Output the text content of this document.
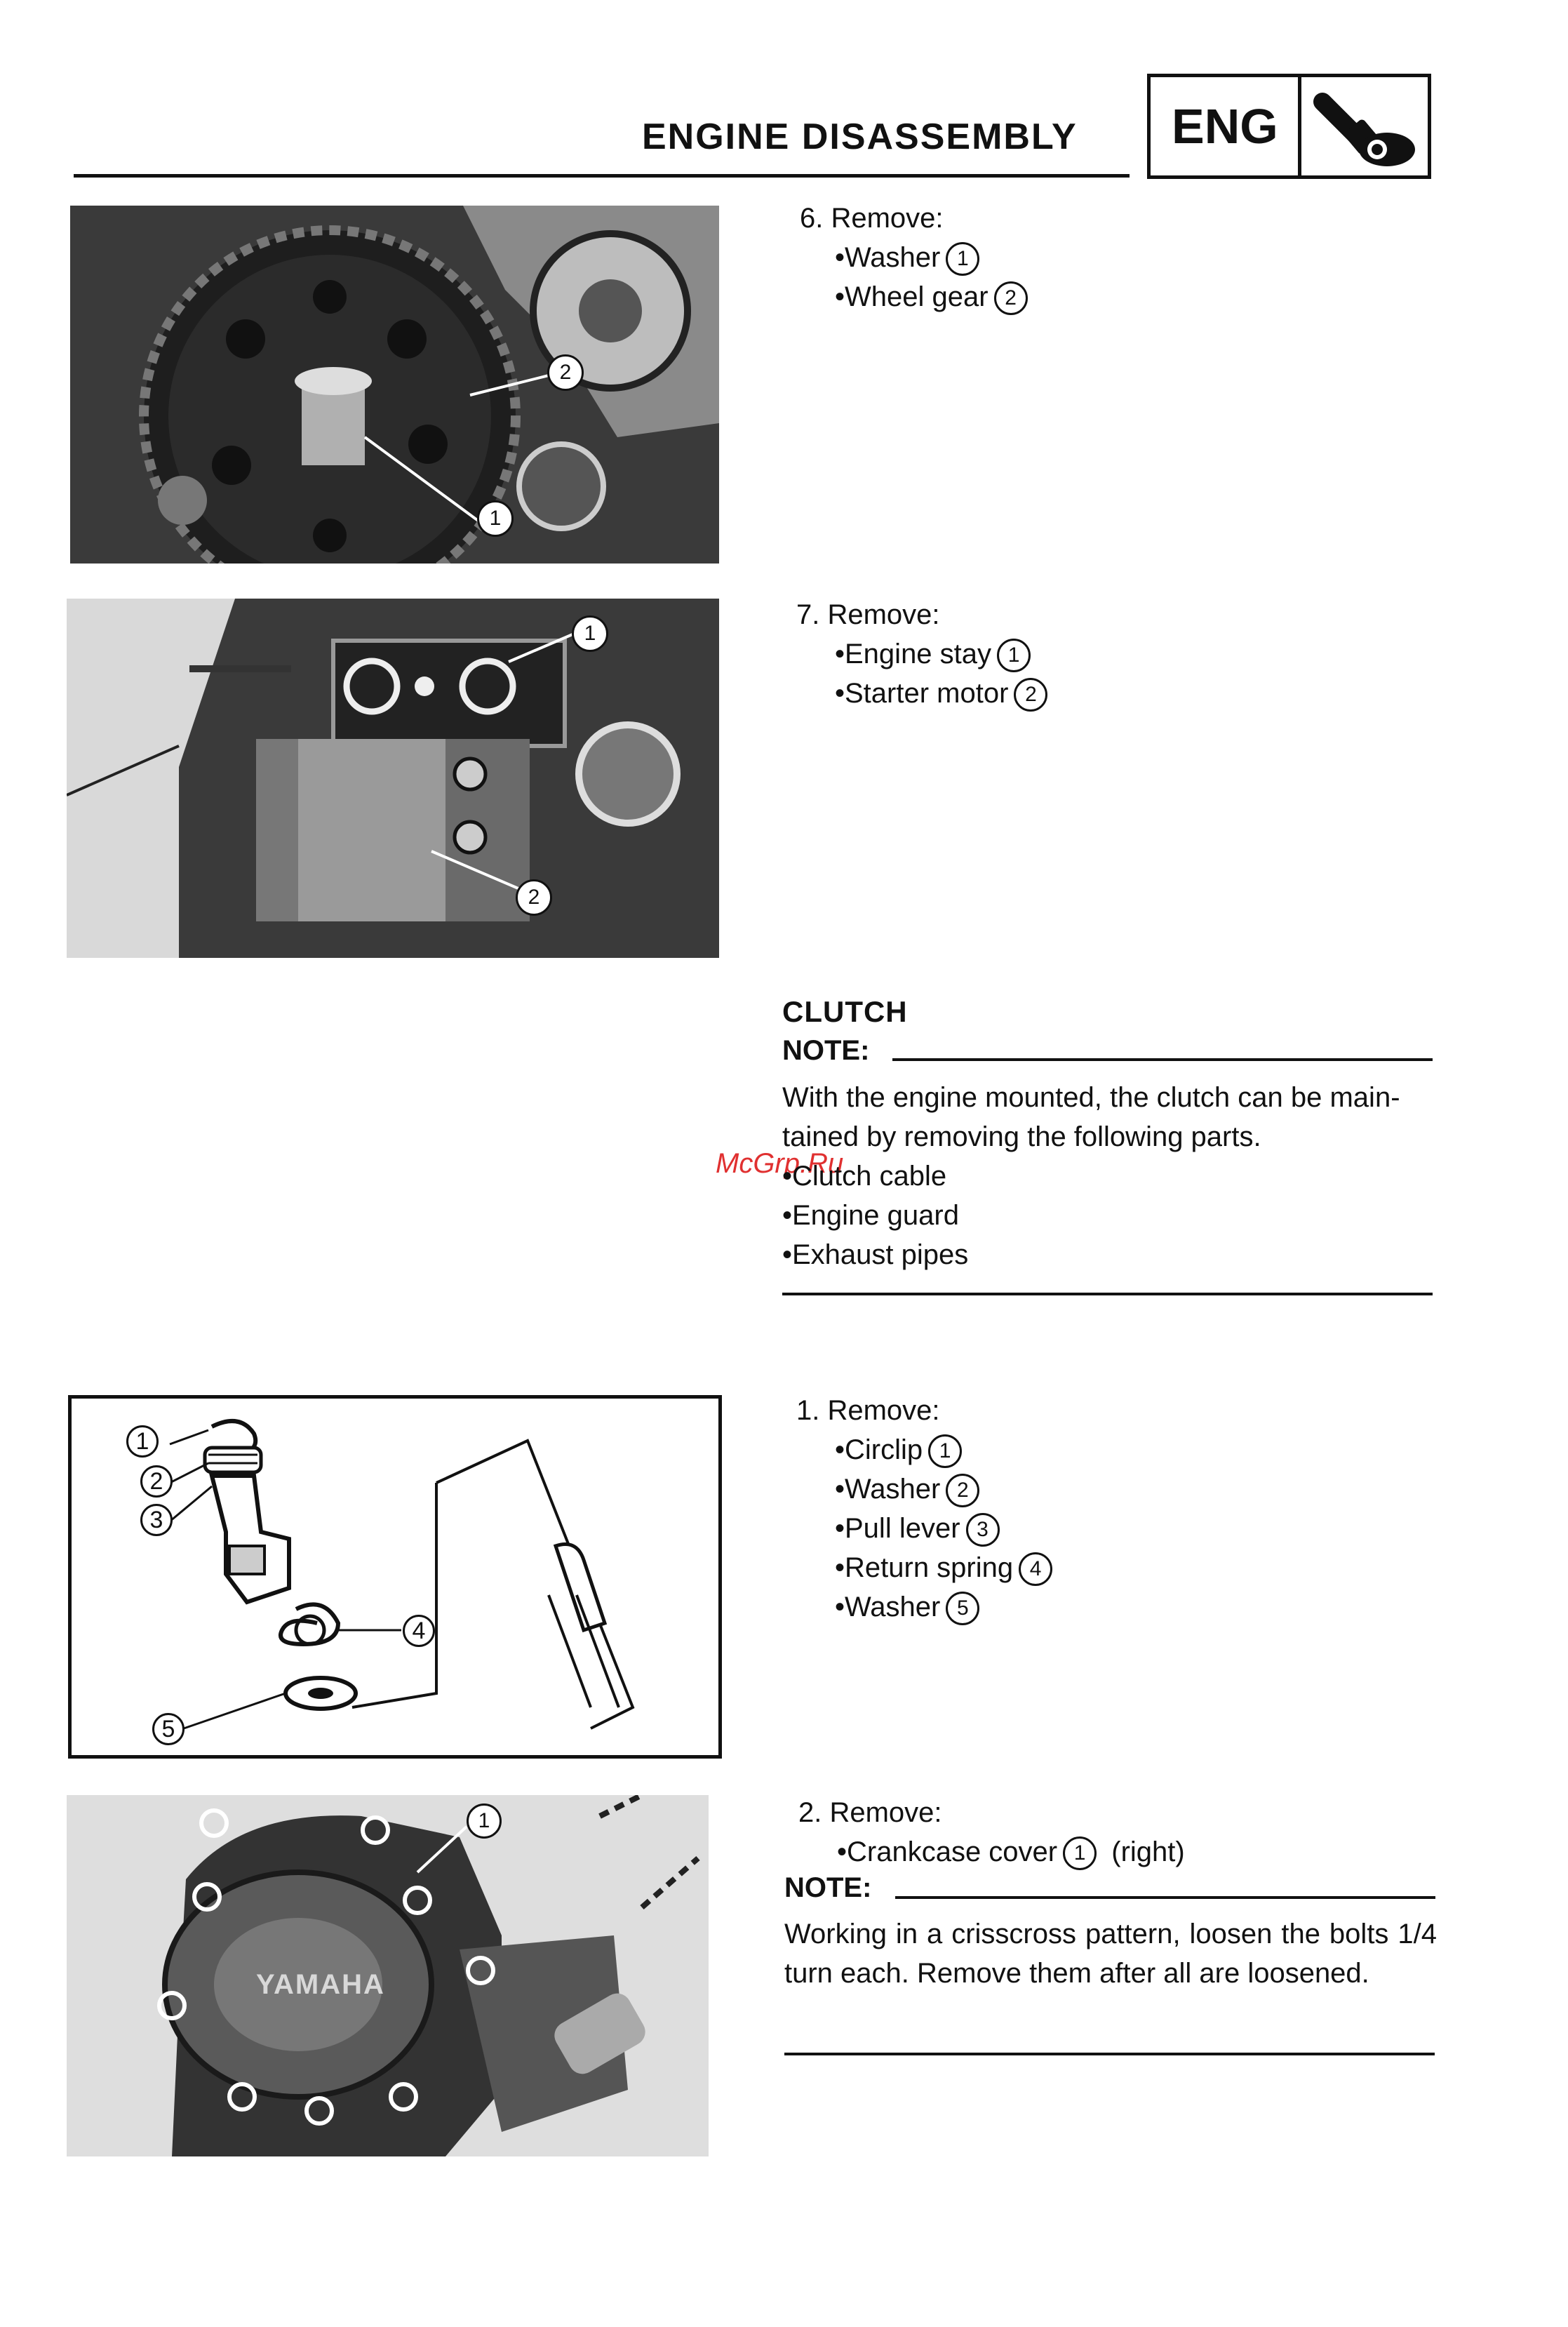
ENGINE DISASSEMBLY ENG
1
2
6. Remove:
•Washer 1
•Wheel gear 2
1
2
7. Remove:
•Engine stay 1
•Starter motor 2
CLUTCH
NOTE:
With the engine mounted, the clutch can be main-tained by removing the following parts.
McGrp.Ru
•Clutch cable
•Engine guard
•Exhaust pipes
1
2
3
4
5
1. Remove:
•Circlip 1
•Washer 2
•Pull lever 3
•Return spring 4
•Washer 5
YAMAHA
1	2. Remove:
•Crankcase cover 1 (right)
NOTE:
Working in a crisscross pattern, loosen the bolts 1/4 turn each. Remove them after all are loosened.
